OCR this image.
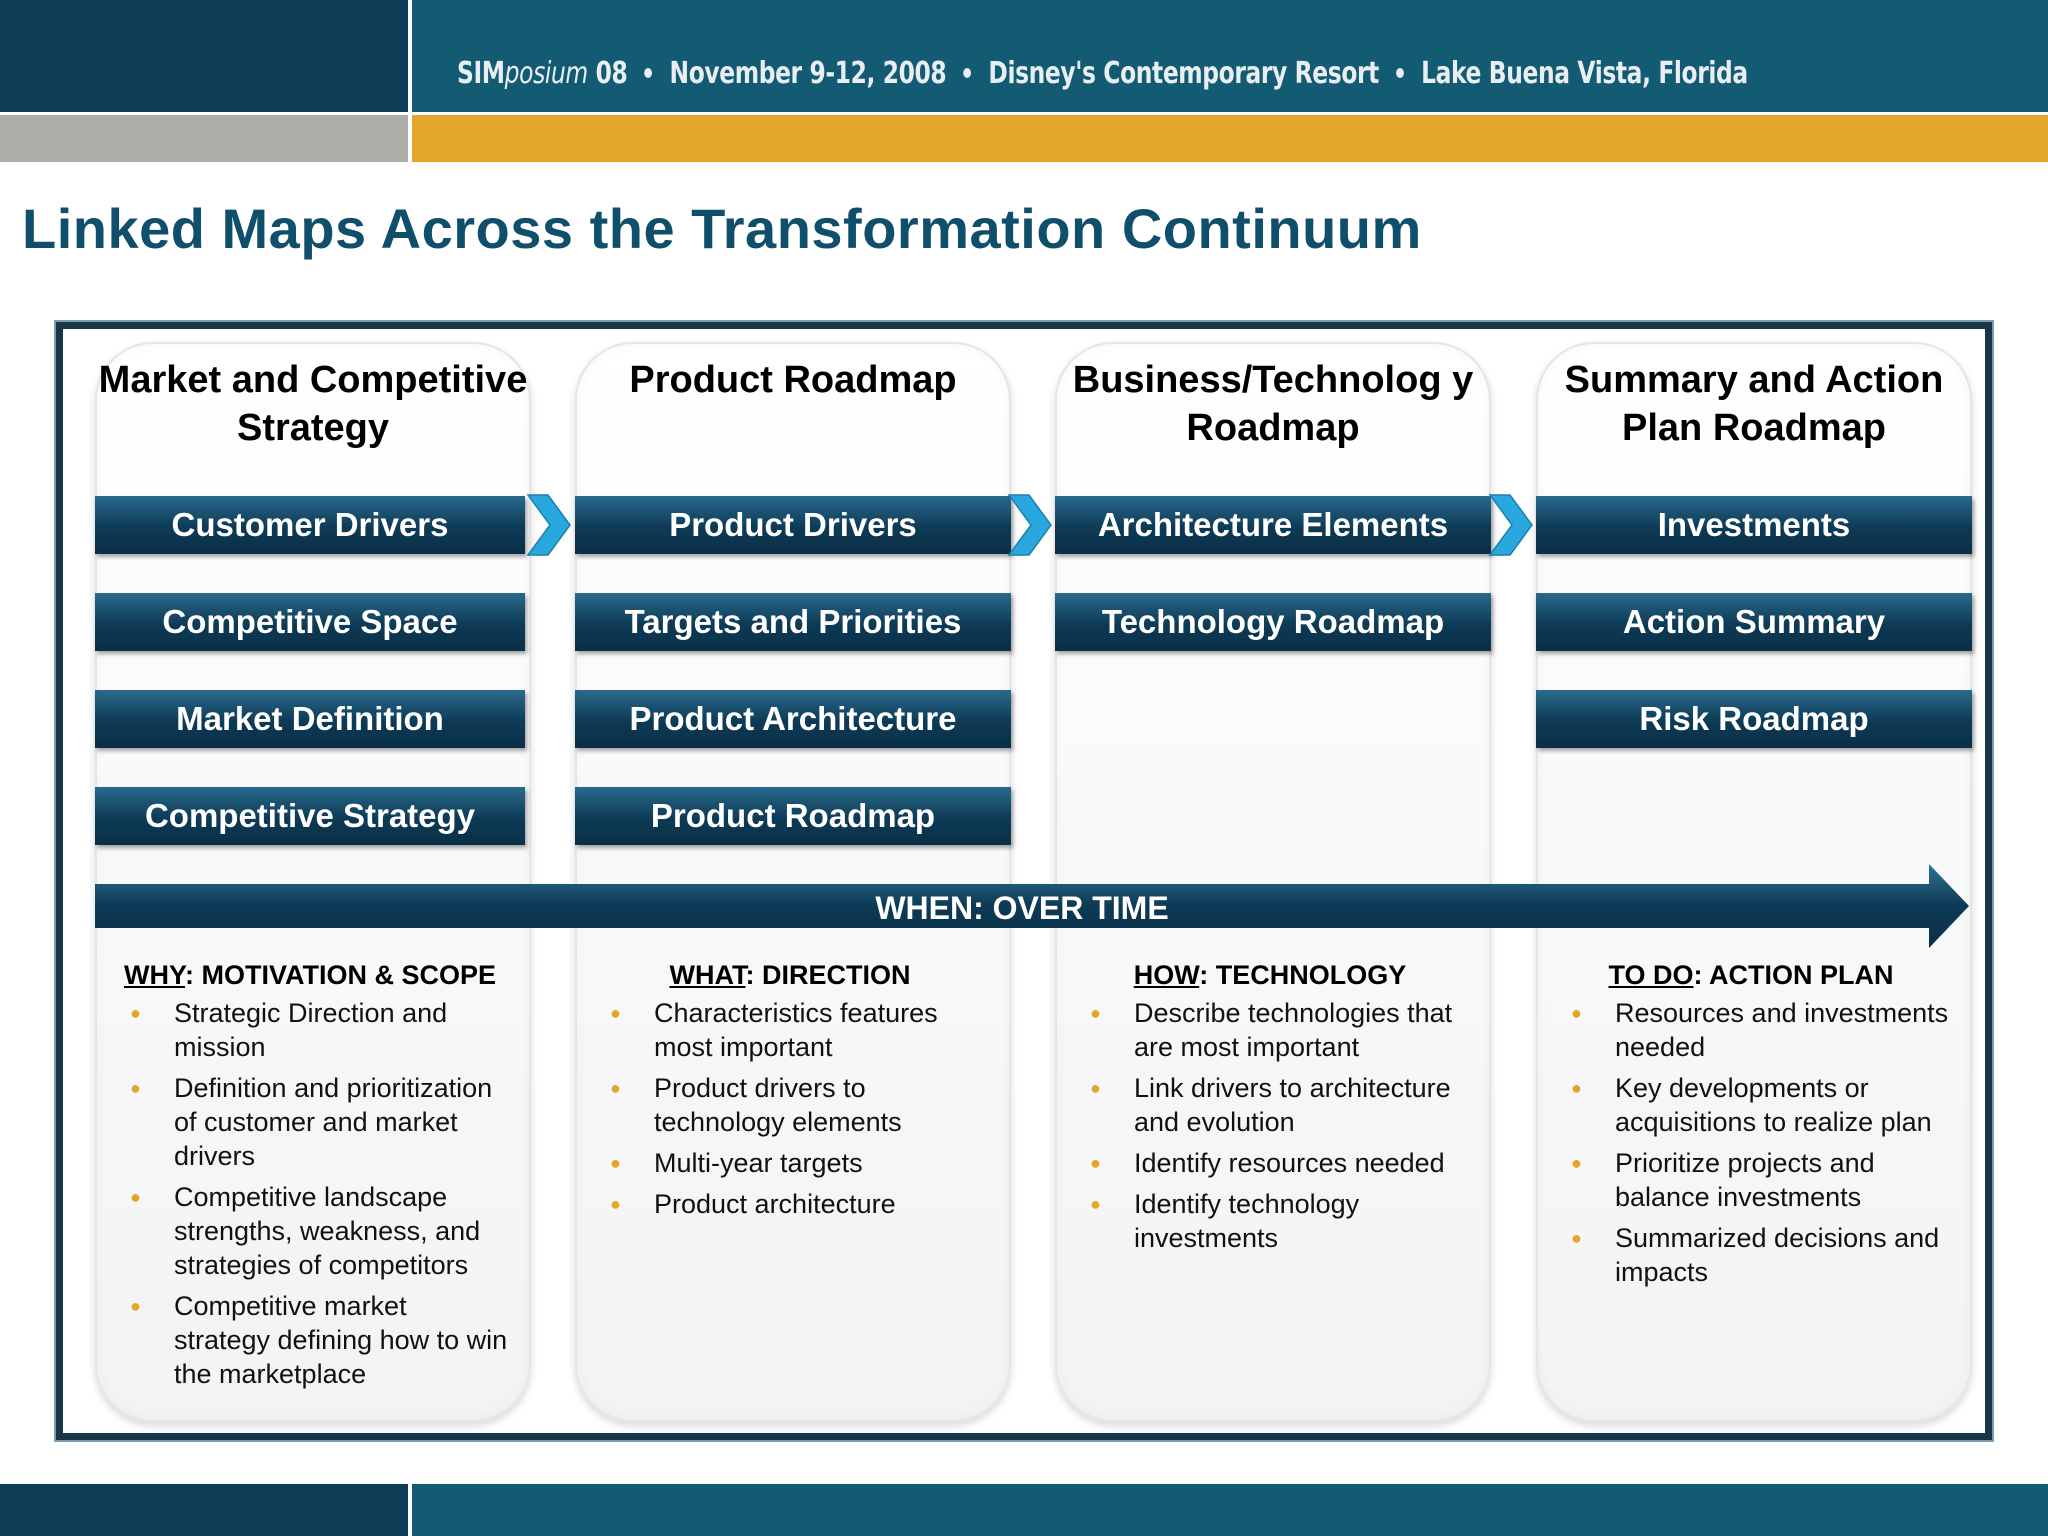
SIMposium 08 November 9-12, 2008 Disney's Contemporary Resort Lake Buena Vista, Florida
Linked Maps Across the Transformation Continuum
Market and Competitive Strategy
Customer Drivers
Competitive Space
Market Definition
Competitive Strategy
Product Roadmap
Product Drivers
Targets and Priorities
Product Architecture
Product Roadmap
Business/Technolog y Roadmap
Architecture Elements
Technology Roadmap
Summary and Action Plan Roadmap
Investments
Action Summary
Risk Roadmap
WHEN: OVER TIME
WHY: MOTIVATION & SCOPE
● Strategic Direction and mission
● Definition and prioritization of customer and market drivers
● Competitive landscape strengths, weakness, and strategies of competitors
● Competitive market strategy defining how to win the marketplace
WHAT: DIRECTION
● Characteristics features most important
● Product drivers to technology elements
● Multi-year targets
● Product architecture
HOW: TECHNOLOGY
● Describe technologies that are most important
● Link drivers to architecture and evolution
● Identify resources needed
● Identify technology investments
TO DO: ACTION PLAN
● Resources and investments needed
● Key developments or acquisitions to realize plan
● Prioritize projects and balance investments
● Summarized decisions and impacts
